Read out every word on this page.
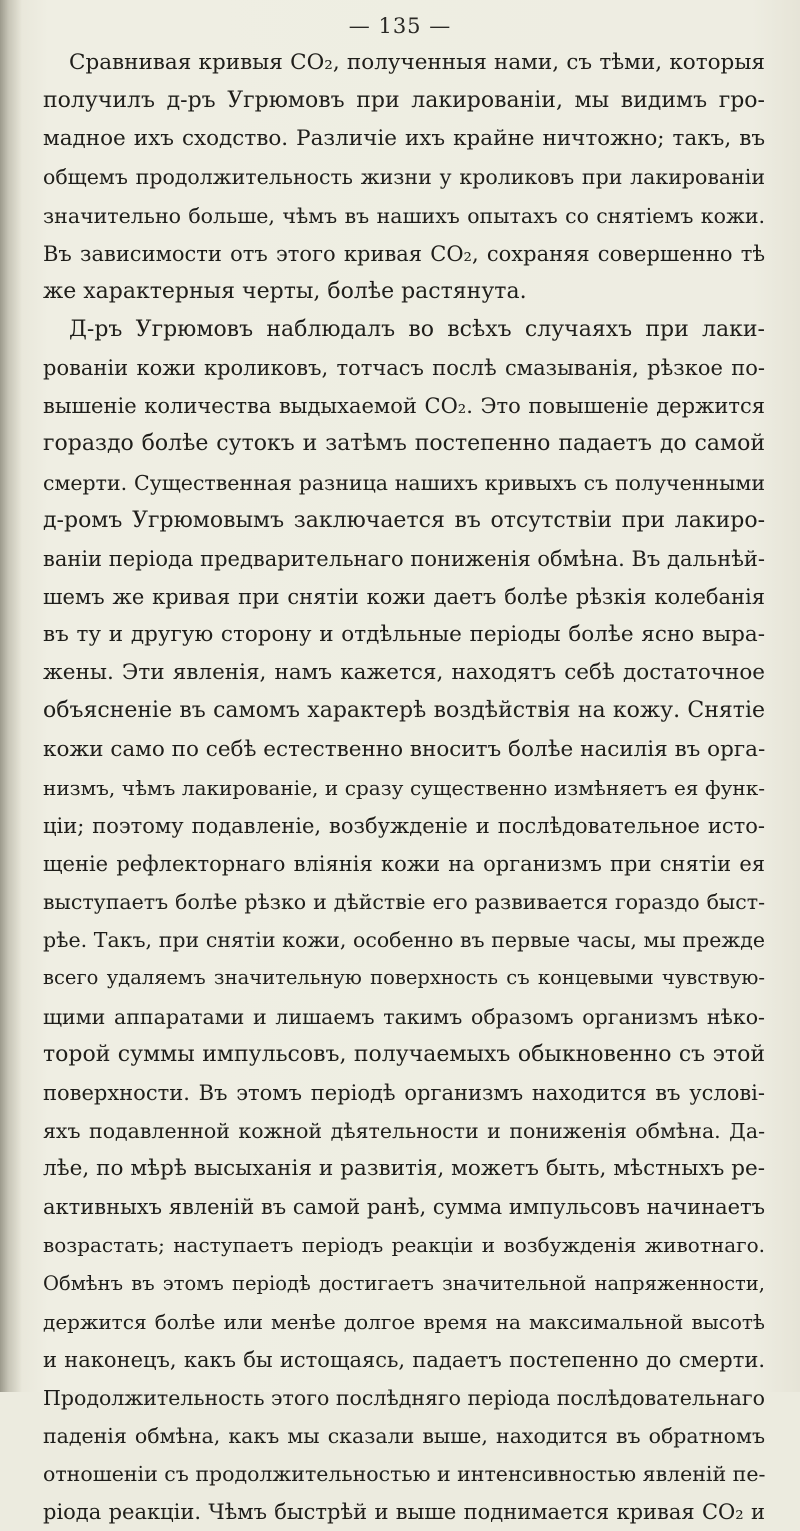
— 135 —
Сравнивая кривыя CO₂, полученныя нами, съ тѣми, которыя
получилъ д-ръ Угрюмовъ при лакированіи, мы видимъ гро-
мадное ихъ сходство. Различіе ихъ крайне ничтожно; такъ, въ
общемъ продолжительность жизни у кроликовъ при лакированіи
значительно больше, чѣмъ въ нашихъ опытахъ со снятіемъ кожи.
Въ зависимости отъ этого кривая CO₂, сохраняя совершенно тѣ
же характерныя черты, болѣе растянута.
Д-ръ Угрюмовъ наблюдалъ во всѣхъ случаяхъ при лаки-
рованіи кожи кроликовъ, тотчасъ послѣ смазыванія, рѣзкое по-
вышеніе количества выдыхаемой CO₂. Это повышеніе держится
гораздо болѣе сутокъ и затѣмъ постепенно падаетъ до самой
смерти. Существенная разница нашихъ кривыхъ съ полученными
д-ромъ Угрюмовымъ заключается въ отсутствіи при лакиро-
ваніи періода предварительнаго пониженія обмѣна. Въ дальнѣй-
шемъ же кривая при снятіи кожи даетъ болѣе рѣзкія колебанія
въ ту и другую сторону и отдѣльные періоды болѣе ясно выра-
жены. Эти явленія, намъ кажется, находятъ себѣ достаточное
объясненіе въ самомъ характерѣ воздѣйствія на кожу. Снятіе
кожи само по себѣ естественно вноситъ болѣе насилія въ орга-
низмъ, чѣмъ лакированіе, и сразу существенно измѣняетъ ея функ-
ціи; поэтому подавленіе, возбужденіе и послѣдовательное исто-
щеніе рефлекторнаго вліянія кожи на организмъ при снятіи ея
выступаетъ болѣе рѣзко и дѣйствіе его развивается гораздо быст-
рѣе. Такъ, при снятіи кожи, особенно въ первые часы, мы прежде
всего удаляемъ значительную поверхность съ концевыми чувствую-
щими аппаратами и лишаемъ такимъ образомъ организмъ нѣко-
торой суммы импульсовъ, получаемыхъ обыкновенно съ этой
поверхности. Въ этомъ періодѣ организмъ находится въ услові-
яхъ подавленной кожной дѣятельности и пониженія обмѣна. Да-
лѣе, по мѣрѣ высыханія и развитія, можетъ быть, мѣстныхъ ре-
активныхъ явленій въ самой ранѣ, сумма импульсовъ начинаетъ
возрастать; наступаетъ періодъ реакціи и возбужденія животнаго.
Обмѣнъ въ этомъ періодѣ достигаетъ значительной напряженности,
держится болѣе или менѣе долгое время на максимальной высотѣ
и наконецъ, какъ бы истощаясь, падаетъ постепенно до смерти.
Продолжительность этого послѣдняго періода послѣдовательнаго
паденія обмѣна, какъ мы сказали выше, находится въ обратномъ
отношеніи съ продолжительностью и интенсивностью явленій пе-
ріода реакціи. Чѣмъ быстрѣй и выше поднимается кривая CO₂ и
